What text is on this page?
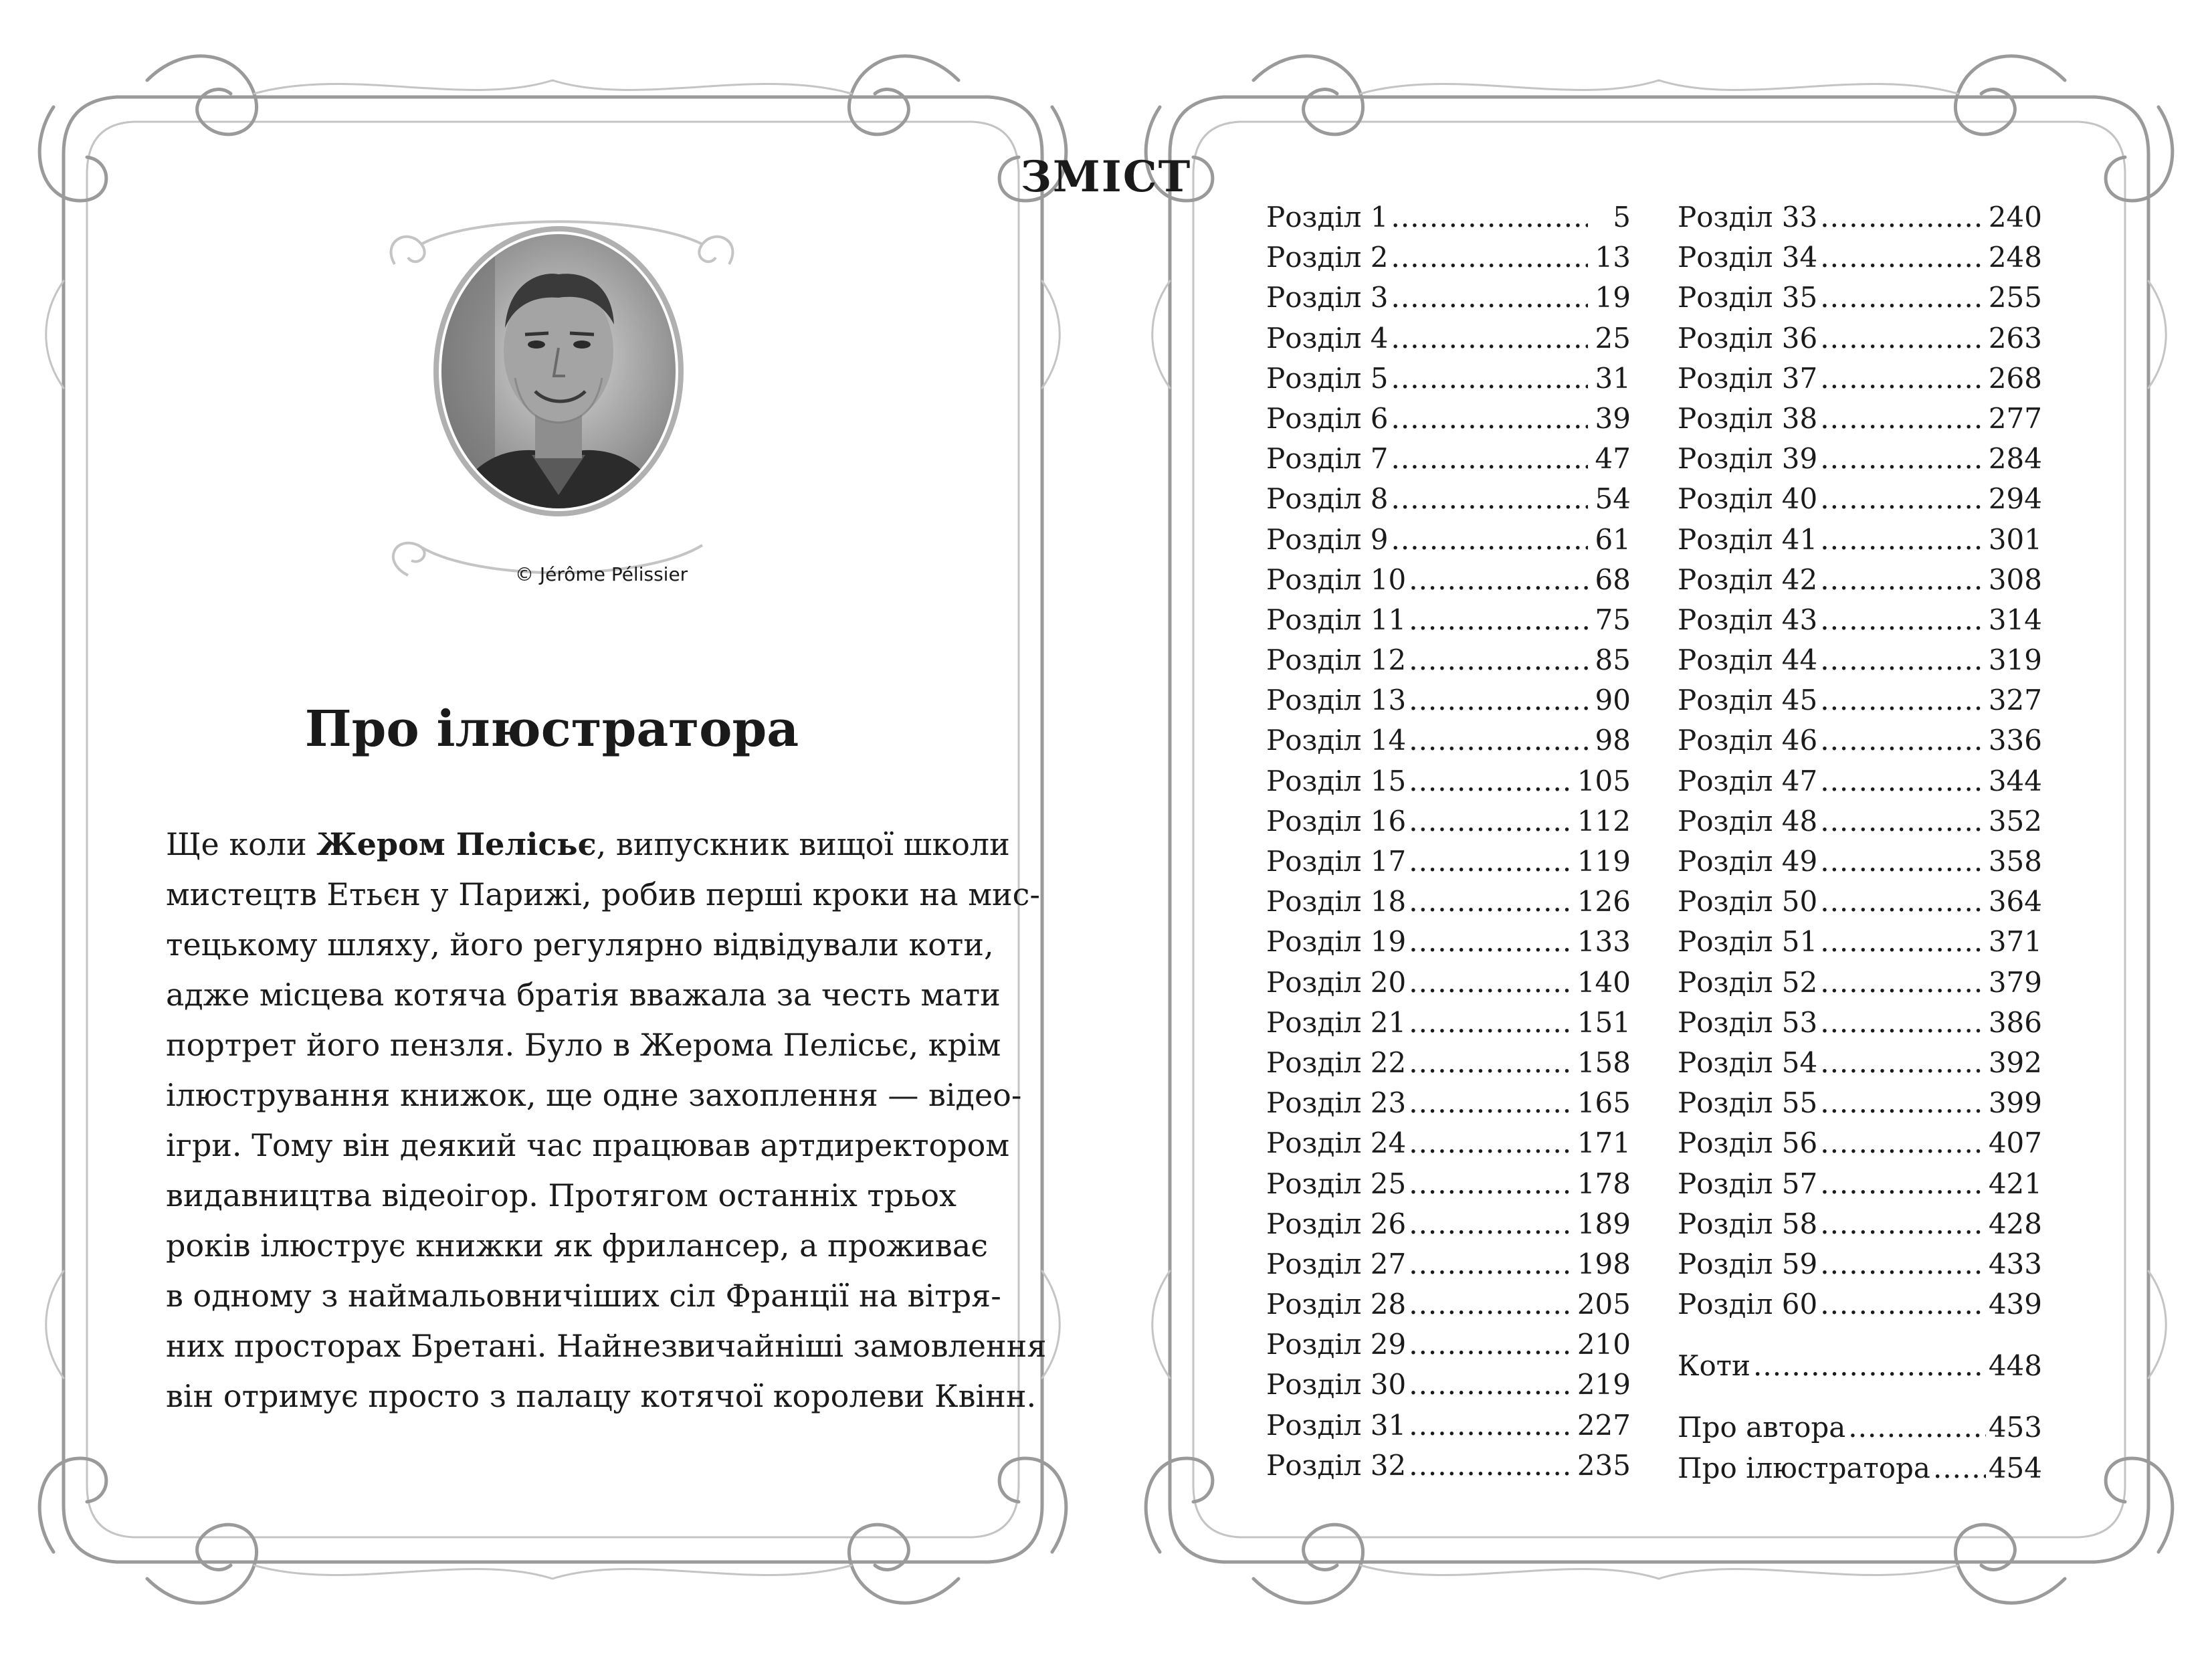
© Jérôme Pélissier
Про ілюстратора
Ще коли Жером Пелісьє, випускник вищої школи
мистецтв Етьєн у Парижі, робив перші кроки на мис-
тецькому шляху, його регулярно відвідували коти,
адже місцева котяча братія вважала за честь мати
портрет його пензля. Було в Жерома Пелісьє, крім
ілюстрування книжок, ще одне захоплення — відео-
ігри. Тому він деякий час працював артдиректором
видавництва відеоігор. Протягом останніх трьох
років ілюструє книжки як фрилансер, а проживає
в одному з наймальовничіших сіл Франції на вітря-
них просторах Бретані. Найнезвичайніші замовлення
він отримує просто з палацу котячої королеви Квінн.
ЗМІСТ
Розділ 1 .....	5
Розділ 2 .....	13
Розділ 3 .....	19
Розділ 4 .....	25
Розділ 5 .....	31
Розділ 6 .....	39
Розділ 7 .....	47
Розділ 8 .....	54
Розділ 9 .....	61
Розділ 10 .....	68
Розділ 11 .....	75
Розділ 12 .....	85
Розділ 13 .....	90
Розділ 14 .....	98
Розділ 15 .....	105
Розділ 16 .....	112
Розділ 17 .....	119
Розділ 18 .....	126
Розділ 19 .....	133
Розділ 20 .....	140
Розділ 21 .....	151
Розділ 22 .....	158
Розділ 23 .....	165
Розділ 24 .....	171
Розділ 25 .....	178
Розділ 26 .....	189
Розділ 27 .....	198
Розділ 28 .....	205
Розділ 29 .....	210
Розділ 30 .....	219
Розділ 31 .....	227
Розділ 32 .....	235
Розділ 33 .....	240
Розділ 34 .....	248
Розділ 35 .....	255
Розділ 36 .....	263
Розділ 37 .....	268
Розділ 38 .....	277
Розділ 39 .....	284
Розділ 40 .....	294
Розділ 41 .....	301
Розділ 42 .....	308
Розділ 43 .....	314
Розділ 44 .....	319
Розділ 45 .....	327
Розділ 46 .....	336
Розділ 47 .....	344
Розділ 48 .....	352
Розділ 49 .....	358
Розділ 50 .....	364
Розділ 51 .....	371
Розділ 52 .....	379
Розділ 53 .....	386
Розділ 54 .....	392
Розділ 55 .....	399
Розділ 56 .....	407
Розділ 57 .....	421
Розділ 58 .....	428
Розділ 59 .....	433
Розділ 60 .....	439
Коти .....	448
Про автора .....	453
Про ілюстратора ..... 454
